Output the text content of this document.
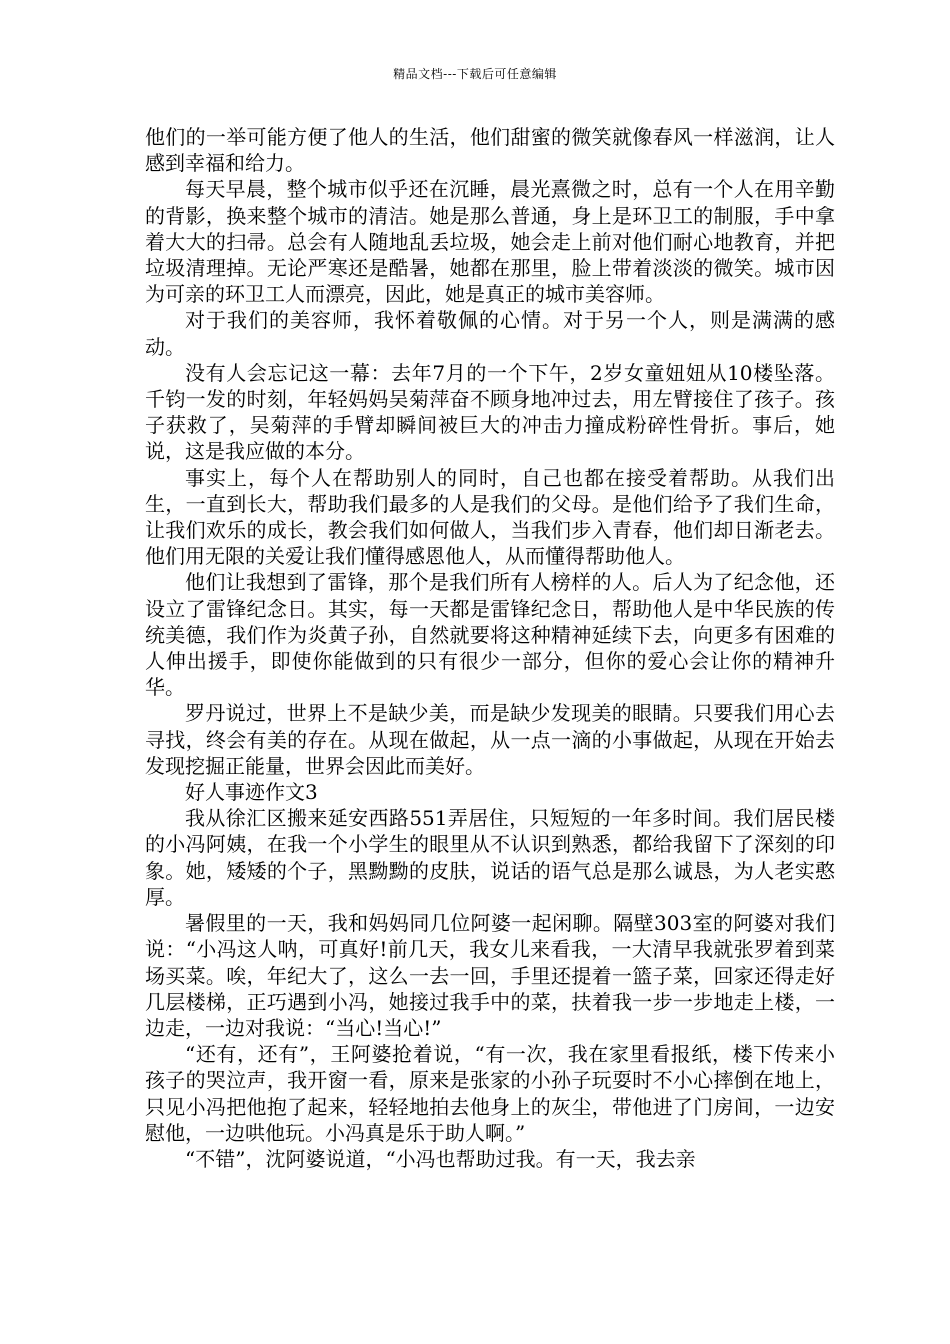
精品文档---下载后可任意编辑

他们的一举可能方便了他人的生活，他们甜蜜的微笑就像春风一样滋润，让人感到幸福和给力。

每天早晨，整个城市似乎还在沉睡，晨光熹微之时，总有一个人在用辛勤的背影，换来整个城市的清洁。她是那么普通，身上是环卫工的制服，手中拿着大大的扫帚。总会有人随地乱丢垃圾，她会走上前对他们耐心地教育，并把垃圾清理掉。无论严寒还是酷暑，她都在那里，脸上带着淡淡的微笑。城市因为可亲的环卫工人而漂亮，因此，她是真正的城市美容师。

对于我们的美容师，我怀着敬佩的心情。对于另一个人，则是满满的感动。

没有人会忘记这一幕：去年7月的一个下午，2岁女童妞妞从10楼坠落。千钧一发的时刻，年轻妈妈吴菊萍奋不顾身地冲过去，用左臂接住了孩子。孩子获救了，吴菊萍的手臂却瞬间被巨大的冲击力撞成粉碎性骨折。事后，她说，这是我应做的本分。

事实上，每个人在帮助别人的同时，自己也都在接受着帮助。从我们出生，一直到长大，帮助我们最多的人是我们的父母。是他们给予了我们生命，让我们欢乐的成长，教会我们如何做人，当我们步入青春，他们却日渐老去。他们用无限的关爱让我们懂得感恩他人，从而懂得帮助他人。

他们让我想到了雷锋，那个是我们所有人榜样的人。后人为了纪念他，还设立了雷锋纪念日。其实，每一天都是雷锋纪念日，帮助他人是中华民族的传统美德，我们作为炎黄子孙，自然就要将这种精神延续下去，向更多有困难的人伸出援手，即使你能做到的只有很少一部分，但你的爱心会让你的精神升华。

罗丹说过，世界上不是缺少美，而是缺少发现美的眼睛。只要我们用心去寻找，终会有美的存在。从现在做起，从一点一滴的小事做起，从现在开始去发现挖掘正能量，世界会因此而美好。

好人事迹作文3

我从徐汇区搬来延安西路551弄居住，只短短的一年多时间。我们居民楼的小冯阿姨，在我一个小学生的眼里从不认识到熟悉，都给我留下了深刻的印象。她，矮矮的个子，黑黝黝的皮肤，说话的语气总是那么诚恳，为人老实憨厚。

暑假里的一天，我和妈妈同几位阿婆一起闲聊。隔壁303室的阿婆对我们说：“小冯这人呐，可真好!前几天，我女儿来看我，一大清早我就张罗着到菜场买菜。唉，年纪大了，这么一去一回，手里还提着一篮子菜，回家还得走好几层楼梯，正巧遇到小冯，她接过我手中的菜，扶着我一步一步地走上楼，一边走，一边对我说：“当心!当心!”

“还有，还有”，王阿婆抢着说，“有一次，我在家里看报纸，楼下传来小孩子的哭泣声，我开窗一看，原来是张家的小孙子玩耍时不小心摔倒在地上，只见小冯把他抱了起来，轻轻地拍去他身上的灰尘，带他进了门房间，一边安慰他，一边哄他玩。小冯真是乐于助人啊。”

“不错”，沈阿婆说道，“小冯也帮助过我。有一天，我去亲
